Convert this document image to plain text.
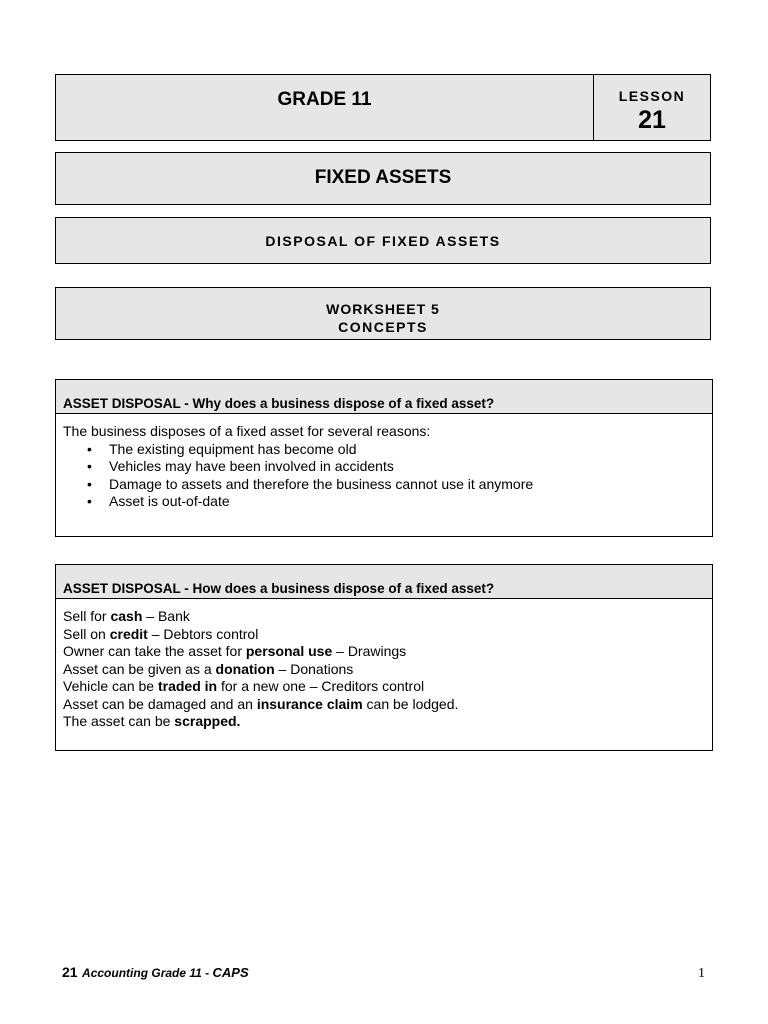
GRADE 11	LESSON
21
FIXED ASSETS
DISPOSAL OF FIXED ASSETS
WORKSHEET 5
CONCEPTS
ASSET DISPOSAL - Why does a business dispose of a fixed asset?
The business disposes of a fixed asset for several reasons:
• The existing equipment has become old
• Vehicles may have been involved in accidents
• Damage to assets and therefore the business cannot use it anymore
• Asset is out-of-date
ASSET DISPOSAL - How does a business dispose of a fixed asset?
Sell for cash – Bank
Sell on credit – Debtors control
Owner can take the asset for personal use – Drawings
Asset can be given as a donation – Donations
Vehicle can be traded in for a new one – Creditors control
Asset can be damaged and an insurance claim can be lodged.
The asset can be scrapped.
21 Accounting Grade 11 - CAPS	1
